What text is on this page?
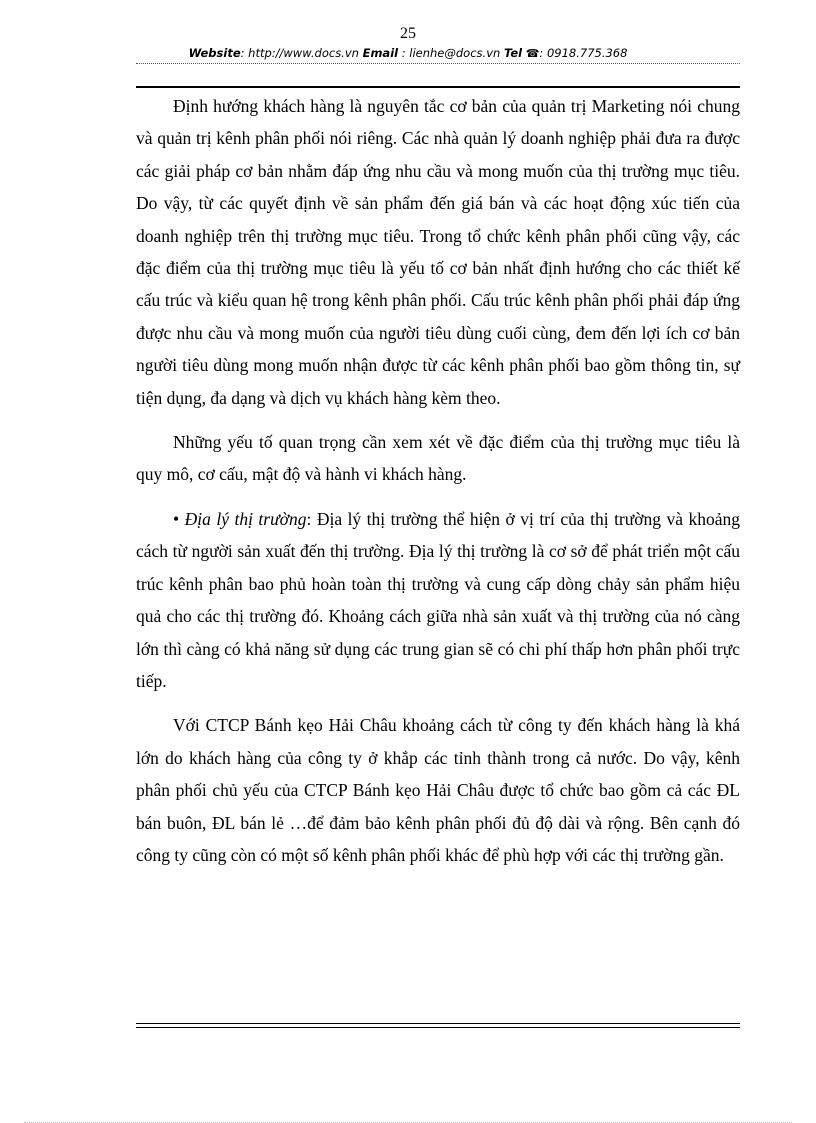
25
Website: http://www.docs.vn Email : lienhe@docs.vn Tel ☎: 0918.775.368

Định hướng khách hàng là nguyên tắc cơ bản của quản trị Marketing nói chung và quản trị kênh phân phối nói riêng. Các nhà quản lý doanh nghiệp phải đưa ra được các giải pháp cơ bản nhằm đáp ứng nhu cầu và mong muốn của thị trường mục tiêu. Do vậy, từ các quyết định về sản phẩm đến giá bán và các hoạt động xúc tiến của doanh nghiệp trên thị trường mục tiêu. Trong tổ chức kênh phân phối cũng vậy, các đặc điểm của thị trường mục tiêu là yếu tố cơ bản nhất định hướng cho các thiết kế cấu trúc và kiểu quan hệ trong kênh phân phối. Cấu trúc kênh phân phối phải đáp ứng được nhu cầu và mong muốn của người tiêu dùng cuối cùng, đem đến lợi ích cơ bản người tiêu dùng mong muốn nhận được từ các kênh phân phối bao gồm thông tin, sự tiện dụng, đa dạng và dịch vụ khách hàng kèm theo.

Những yếu tố quan trọng cần xem xét về đặc điểm của thị trường mục tiêu là quy mô, cơ cấu, mật độ và hành vi khách hàng.

• Địa lý thị trường: Địa lý thị trường thể hiện ở vị trí của thị trường và khoảng cách từ người sản xuất đến thị trường. Địa lý thị trường là cơ sở để phát triển một cấu trúc kênh phân bao phủ hoàn toàn thị trường và cung cấp dòng chảy sản phẩm hiệu quả cho các thị trường đó. Khoảng cách giữa nhà sản xuất và thị trường của nó càng lớn thì càng có khả năng sử dụng các trung gian sẽ có chi phí thấp hơn phân phối trực tiếp.

Với CTCP Bánh kẹo Hải Châu khoảng cách từ công ty đến khách hàng là khá lớn do khách hàng của công ty ở khắp các tỉnh thành trong cả nước. Do vậy, kênh phân phối chủ yếu của CTCP Bánh kẹo Hải Châu được tổ chức bao gồm cả các ĐL bán buôn, ĐL bán lẻ …để đảm bảo kênh phân phối đủ độ dài và rộng. Bên cạnh đó công ty cũng còn có một số kênh phân phối khác để phù hợp với các thị trường gần.
